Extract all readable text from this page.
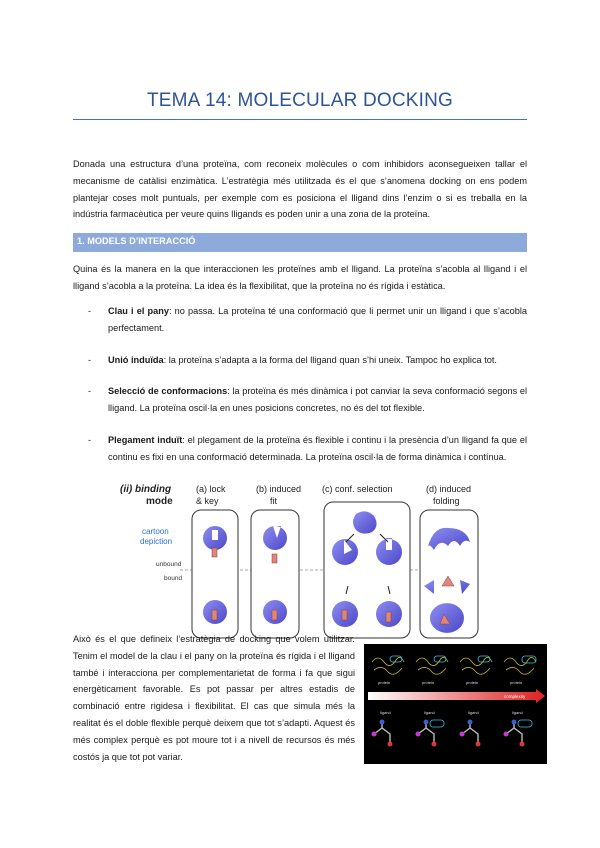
TEMA 14: MOLECULAR DOCKING
Donada una estructura d’una proteïna, com reconeix molècules o com inhibidors aconsegueixen tallar el mecanisme de catàlisi enzimàtica. L’estratègia més utilitzada és el que s’anomena docking on ens podem plantejar coses molt puntuals, per exemple com es posiciona el lligand dins l’enzim o si es treballa en la indústria farmacèutica per veure quins lligands es poden unir a una zona de la proteïna.
1. MODELS D’INTERACCIÓ
Quina és la manera en la que interaccionen les proteïnes amb el lligand. La proteïna s’acobla al lligand i el lligand s’acobla a la proteïna. La idea és la flexibilitat, que la proteïna no és rígida i estàtica.
- Clau i el pany: no passa. La proteïna té una conformació que li permet unir un lligand i que s’acobla perfectament.
- Unió induïda: la proteïna s’adapta a la forma del lligand quan s’hi uneix. Tampoc ho explica tot.
- Selecció de conformacions: la proteïna és més dinàmica i pot canviar la seva conformació segons el lligand. La proteïna oscil·la en unes posicions concretes, no és del tot flexible.
- Plegament induït: el plegament de la proteïna és flexible i continu i la presència d’un lligand fa que el continu es fixi en una conformació determinada. La proteïna oscil·la de forma dinàmica i contínua.
(ii) binding
mode
cartoon
depiction
unbound
bound
(a) lock
& key
(b) induced
fit
(c) conf. selection	(d) induced
folding
Això és el que defineix l’estratègia de docking que volem utilitzar. Tenim el model de la clau i el pany on la proteïna és rígida i el lligand també i interacciona per complementarietat de forma i fa que sigui energèticament favorable. Es pot passar per altres estadis de combinació entre rigidesa i flexibilitat. El cas que simula més la realitat és el doble flexible perquè deixem que tot s’adapti. Aquest és més complex perquè es pot moure tot i a nivell de recursos és més costós ja que tot pot variar.
protein	protein	protein	protein
complexity
ligand	ligand	ligand	ligand
